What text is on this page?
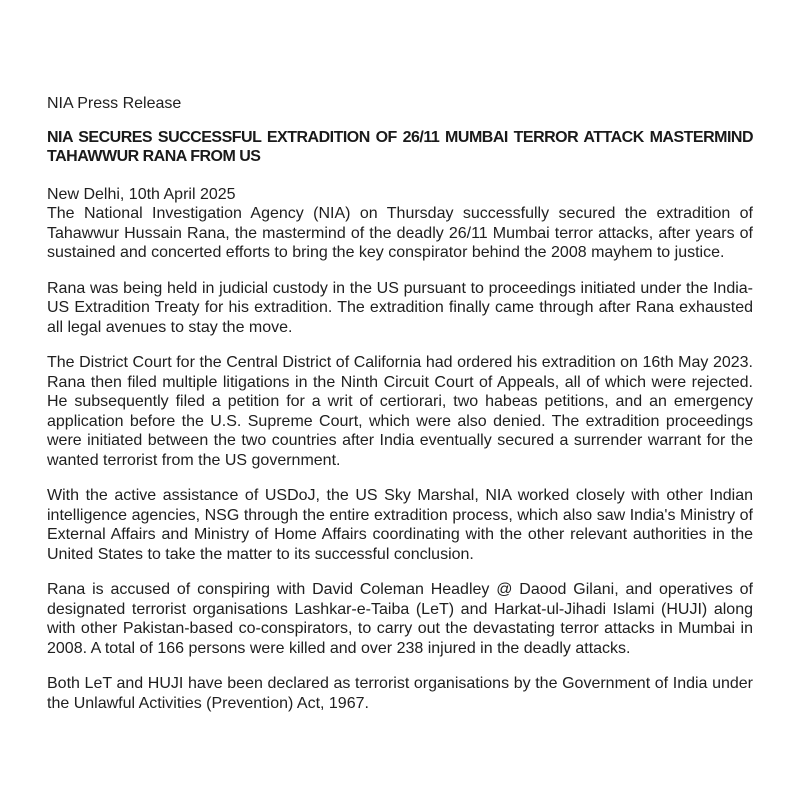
NIA Press Release
NIA SECURES SUCCESSFUL EXTRADITION OF 26/11 MUMBAI TERROR ATTACK MASTERMIND
TAHAWWUR RANA FROM US
New Delhi, 10th April 2025

The National Investigation Agency (NIA) on Thursday successfully secured the extradition of Tahawwur Hussain Rana, the mastermind of the deadly 26/11 Mumbai terror attacks, after years of sustained and concerted efforts to bring the key conspirator behind the 2008 mayhem to justice.

Rana was being held in judicial custody in the US pursuant to proceedings initiated under the India-US Extradition Treaty for his extradition. The extradition finally came through after Rana exhausted all legal avenues to stay the move.

The District Court for the Central District of California had ordered his extradition on 16th May 2023. Rana then filed multiple litigations in the Ninth Circuit Court of Appeals, all of which were rejected. He subsequently filed a petition for a writ of certiorari, two habeas petitions, and an emergency application before the U.S. Supreme Court, which were also denied. The extradition proceedings were initiated between the two countries after India eventually secured a surrender warrant for the wanted terrorist from the US government.

With the active assistance of USDoJ, the US Sky Marshal, NIA worked closely with other Indian intelligence agencies, NSG through the entire extradition process, which also saw India's Ministry of External Affairs and Ministry of Home Affairs coordinating with the other relevant authorities in the United States to take the matter to its successful conclusion.

Rana is accused of conspiring with David Coleman Headley @ Daood Gilani, and operatives of designated terrorist organisations Lashkar-e-Taiba (LeT) and Harkat-ul-Jihadi Islami (HUJI) along with other Pakistan-based co-conspirators, to carry out the devastating terror attacks in Mumbai in 2008. A total of 166 persons were killed and over 238 injured in the deadly attacks.

Both LeT and HUJI have been declared as terrorist organisations by the Government of India under the Unlawful Activities (Prevention) Act, 1967.
